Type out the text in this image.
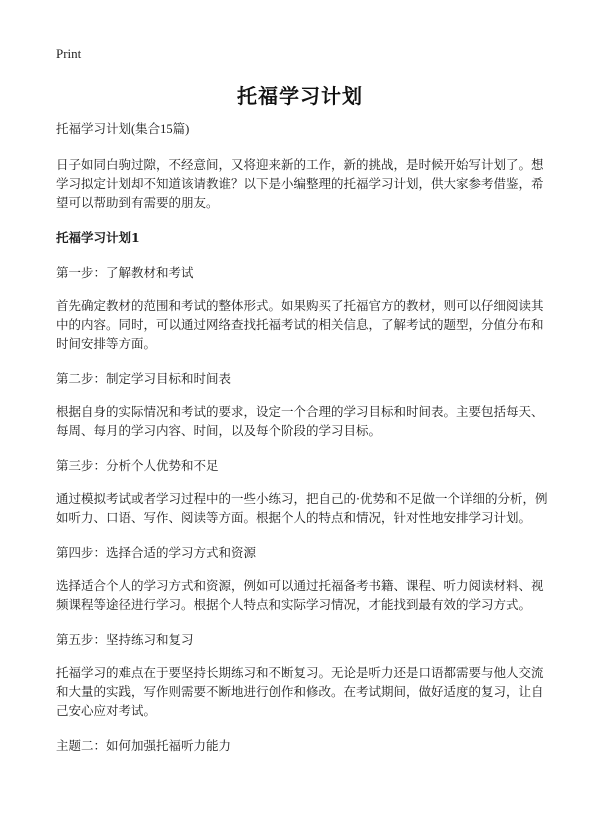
Print
托福学习计划

托福学习计划(集合15篇)

日子如同白驹过隙，不经意间，又将迎来新的工作，新的挑战，是时候开始写计划了。想学习拟定计划却不知道该请教谁？以下是小编整理的托福学习计划，供大家参考借鉴，希望可以帮助到有需要的朋友。

托福学习计划1

第一步：了解教材和考试

首先确定教材的范围和考试的整体形式。如果购买了托福官方的教材，则可以仔细阅读其中的内容。同时，可以通过网络查找托福考试的相关信息，了解考试的题型，分值分布和时间安排等方面。

第二步：制定学习目标和时间表

根据自身的实际情况和考试的要求，设定一个合理的学习目标和时间表。主要包括每天、每周、每月的学习内容、时间，以及每个阶段的学习目标。

第三步：分析个人优势和不足

通过模拟考试或者学习过程中的一些小练习，把自己的·优势和不足做一个详细的分析，例如听力、口语、写作、阅读等方面。根据个人的特点和情况，针对性地安排学习计划。

第四步：选择合适的学习方式和资源

选择适合个人的学习方式和资源，例如可以通过托福备考书籍、课程、听力阅读材料、视频课程等途径进行学习。根据个人特点和实际学习情况，才能找到最有效的学习方式。

第五步：坚持练习和复习

托福学习的难点在于要坚持长期练习和不断复习。无论是听力还是口语都需要与他人交流和大量的实践，写作则需要不断地进行创作和修改。在考试期间，做好适度的复习，让自己安心应对考试。

主题二：如何加强托福听力能力
